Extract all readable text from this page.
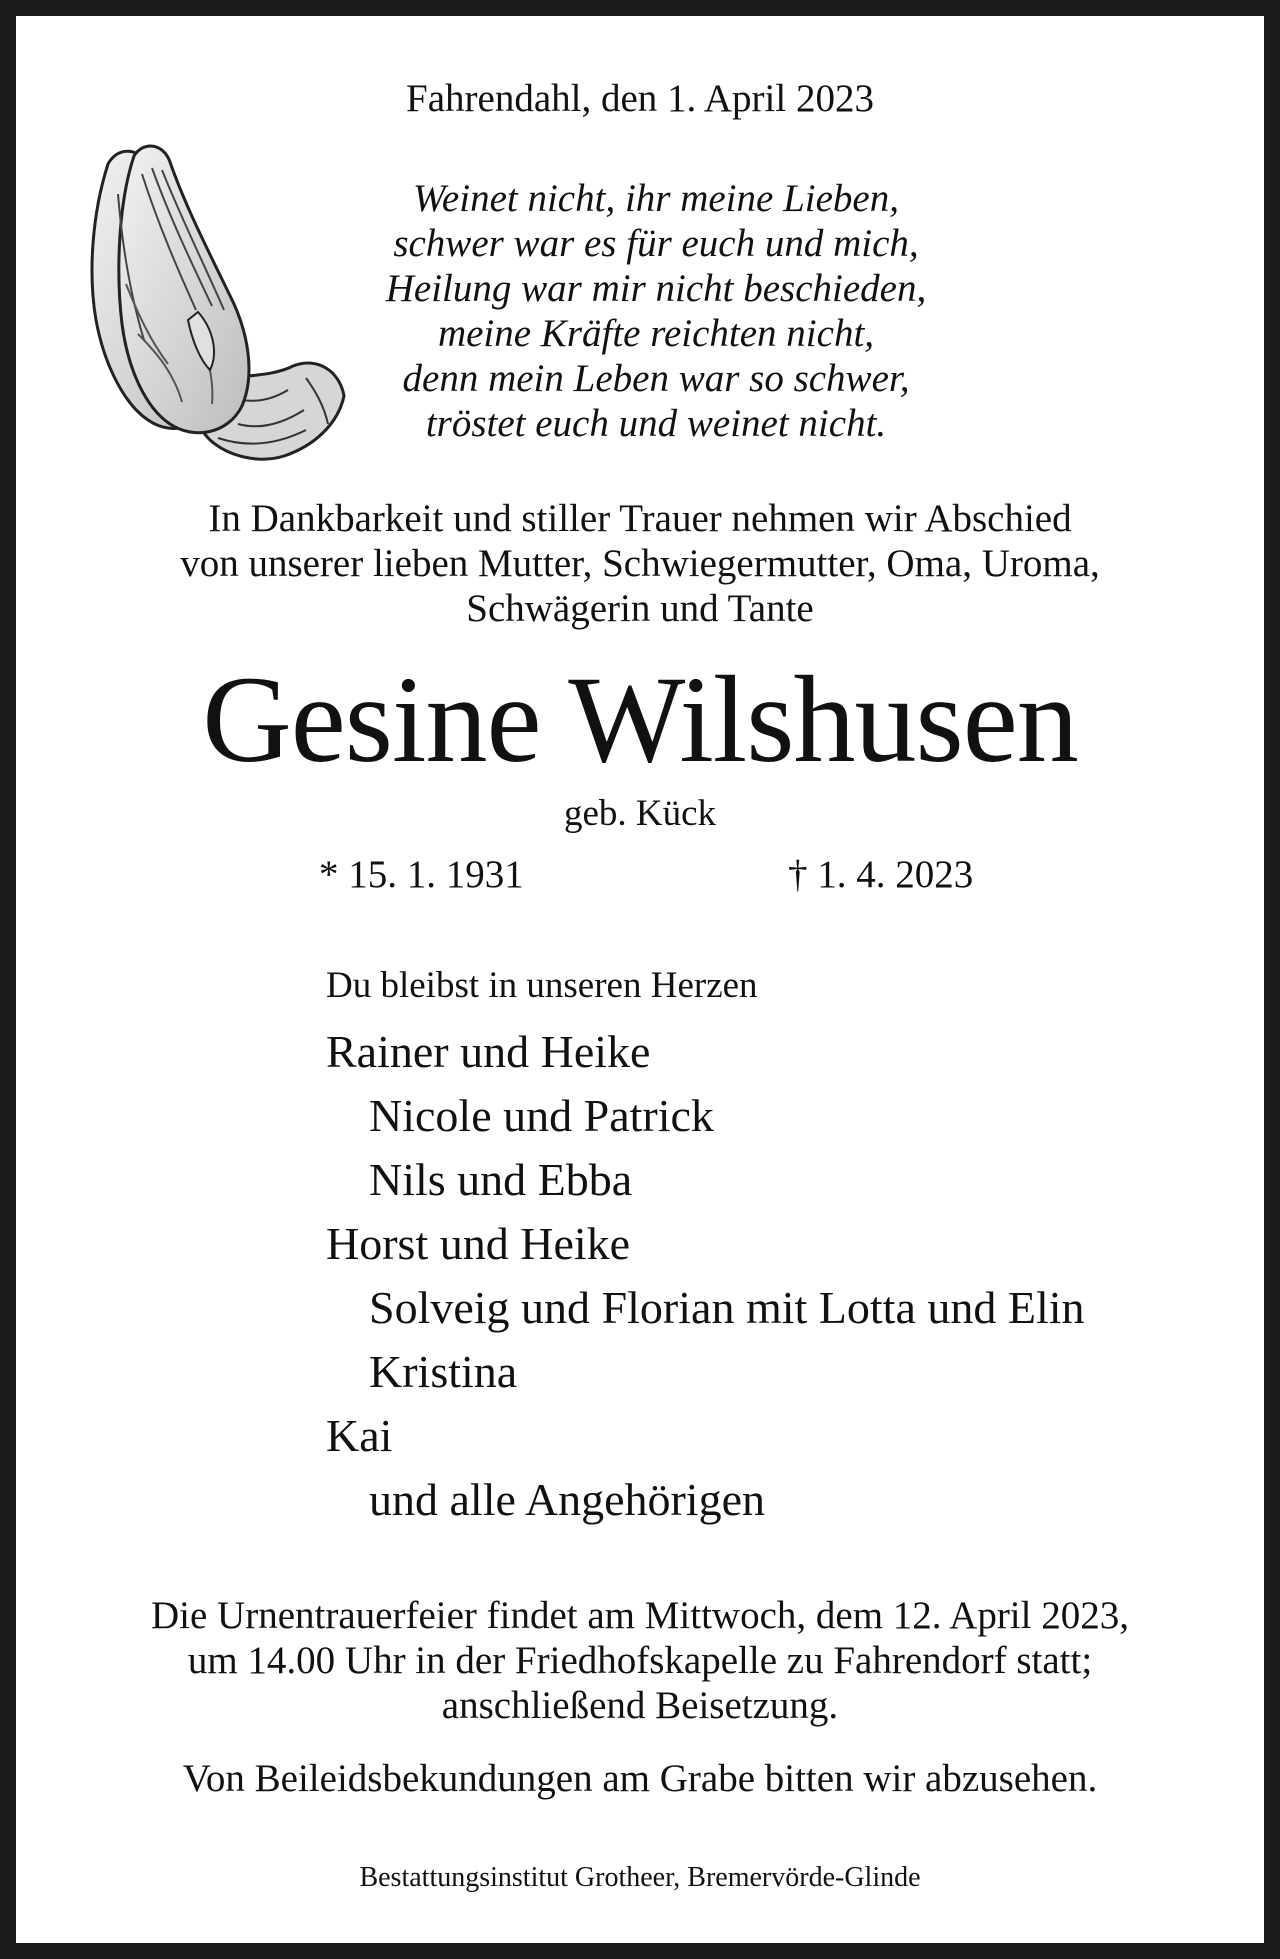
Fahrendahl, den 1. April 2023
Weinet nicht, ihr meine Lieben,
schwer war es für euch und mich,
Heilung war mir nicht beschieden,
meine Kräfte reichten nicht,
denn mein Leben war so schwer,
tröstet euch und weinet nicht.
In Dankbarkeit und stiller Trauer nehmen wir Abschied
von unserer lieben Mutter, Schwiegermutter, Oma, Uroma,
Schwägerin und Tante
Gesine Wilshusen
geb. Kück
* 15. 1. 1931	† 1. 4. 2023
Du bleibst in unseren Herzen
Rainer und Heike
Nicole und Patrick
Nils und Ebba
Horst und Heike
Solveig und Florian mit Lotta und Elin
Kristina
Kai
und alle Angehörigen
Die Urnentrauerfeier findet am Mittwoch, dem 12. April 2023,
um 14.00 Uhr in der Friedhofskapelle zu Fahrendorf statt;
anschließend Beisetzung.
Von Beileidsbekundungen am Grabe bitten wir abzusehen.
Bestattungsinstitut Grotheer, Bremervörde-Glinde
